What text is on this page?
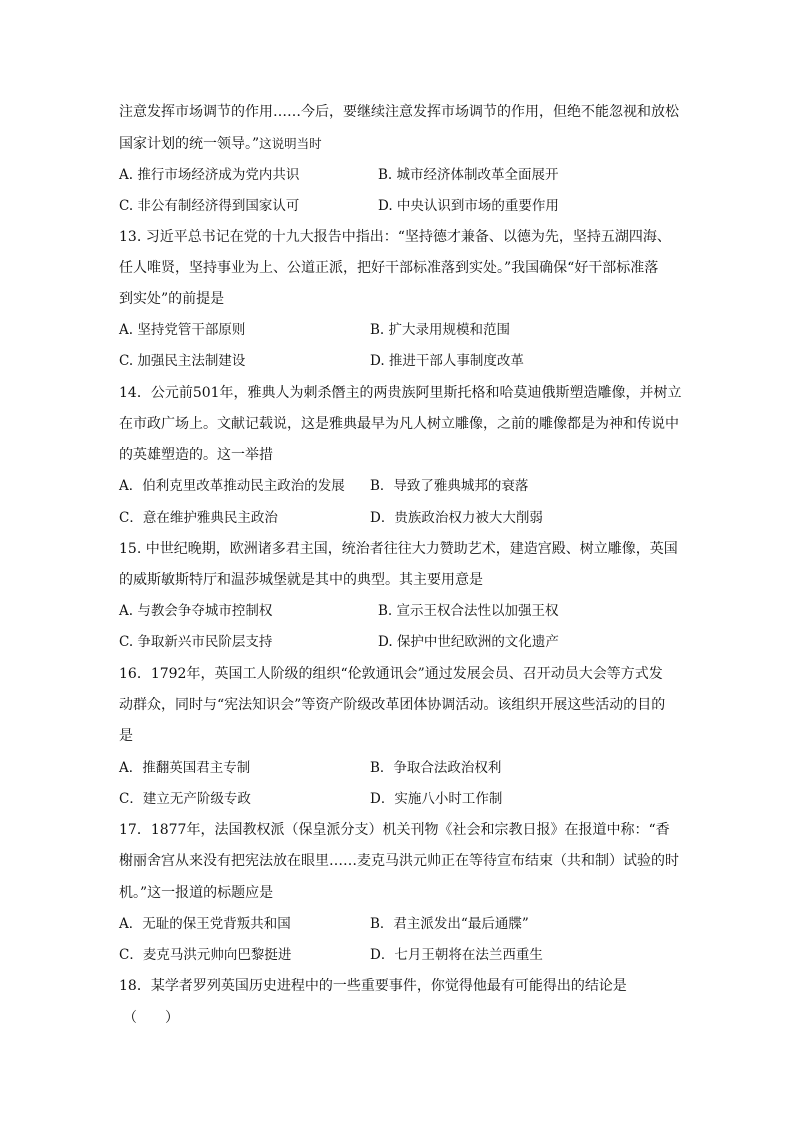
注意发挥市场调节的作用……今后，要继续注意发挥市场调节的作用，但绝不能忽视和放松
国家计划的统一领导。”这说明当时
A. 推行市场经济成为党内共识	B. 城市经济体制改革全面展开
C. 非公有制经济得到国家认可	D. 中央认识到市场的重要作用
13. 习近平总书记在党的十九大报告中指出：“坚持德才兼备、以德为先，坚持五湖四海、
任人唯贤，坚持事业为上、公道正派，把好干部标准落到实处。”我国确保“好干部标准落
到实处”的前提是
A. 坚持党管干部原则	B. 扩大录用规模和范围
C. 加强民主法制建设	D. 推进干部人事制度改革
14．公元前501年，雅典人为刺杀僭主的两贵族阿里斯托格和哈莫迪俄斯塑造雕像，并树立
在市政广场上。文献记载说，这是雅典最早为凡人树立雕像，之前的雕像都是为神和传说中
的英雄塑造的。这一举措
A．伯利克里改革推动民主政治的发展 B．导致了雅典城邦的衰落
C．意在维护雅典民主政治	D．贵族政治权力被大大削弱
15. 中世纪晚期，欧洲诸多君主国，统治者往往大力赞助艺术，建造宫殿、树立雕像，英国
的威斯敏斯特厅和温莎城堡就是其中的典型。其主要用意是
A. 与教会争夺城市控制权	B. 宣示王权合法性以加强王权
C. 争取新兴市民阶层支持	D. 保护中世纪欧洲的文化遗产
16．1792年，英国工人阶级的组织“伦敦通讯会”通过发展会员、召开动员大会等方式发
动群众，同时与“宪法知识会”等资产阶级改革团体协调活动。该组织开展这些活动的目的
是
A．推翻英国君主专制	B．争取合法政治权利
C．建立无产阶级专政	D．实施八小时工作制
17．1877年，法国教权派（保皇派分支）机关刊物《社会和宗教日报》在报道中称：“香
榭丽舍宫从来没有把宪法放在眼里……麦克马洪元帅正在等待宣布结束（共和制）试验的时
机。”这一报道的标题应是
A．无耻的保王党背叛共和国	B．君主派发出“最后通牒”
C．麦克马洪元帅向巴黎挺进	D．七月王朝将在法兰西重生
18．某学者罗列英国历史进程中的一些重要事件，你觉得他最有可能得出的结论是
（　　）
